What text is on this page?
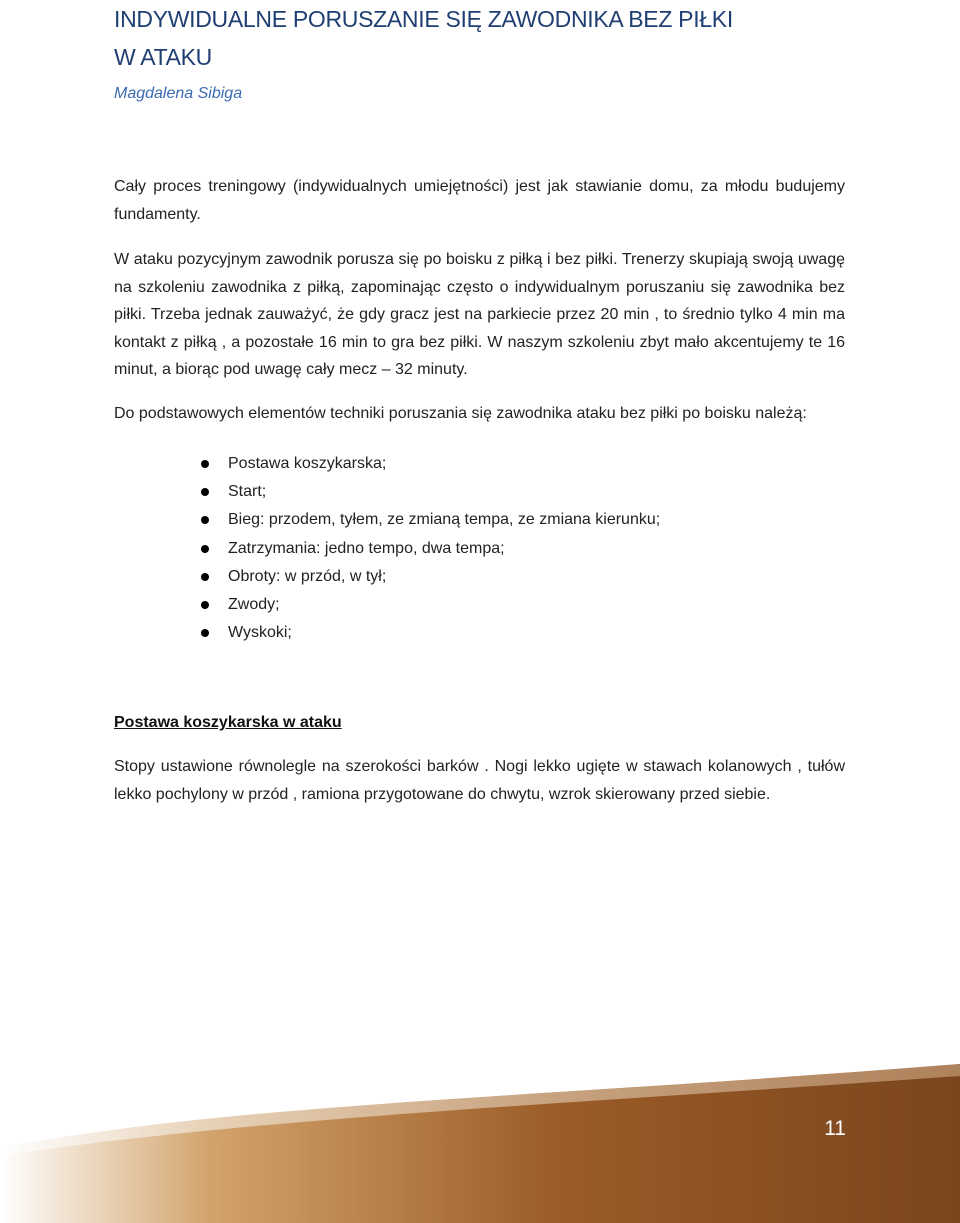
INDYWIDUALNE PORUSZANIE SIĘ ZAWODNIKA BEZ PIŁKI
W ATAKU

Magdalena Sibiga

Cały proces treningowy (indywidualnych umiejętności) jest jak stawianie domu, za młodu budujemy fundamenty.

W ataku pozycyjnym zawodnik porusza się po boisku z piłką i bez piłki. Trenerzy skupiają swoją uwagę na szkoleniu zawodnika z piłką, zapominając często o indywidualnym poruszaniu się zawodnika bez piłki. Trzeba jednak zauważyć, że gdy gracz jest na parkiecie przez 20 min , to średnio tylko 4 min ma kontakt z piłką , a pozostałe 16 min to gra bez piłki. W naszym szkoleniu zbyt mało akcentujemy te 16 minut, a biorąc pod uwagę cały mecz – 32 minuty.

Do podstawowych elementów techniki poruszania się zawodnika ataku bez piłki po boisku należą:

Postawa koszykarska;
Start;
Bieg: przodem, tyłem, ze zmianą tempa, ze zmiana kierunku;
Zatrzymania: jedno tempo, dwa tempa;
Obroty: w przód, w tył;
Zwody;
Wyskoki;
Postawa koszykarska w ataku

Stopy ustawione równolegle na szerokości barków . Nogi lekko ugięte w stawach kolanowych , tułów lekko pochylony w przód , ramiona przygotowane do chwytu, wzrok skierowany przed siebie.

11
